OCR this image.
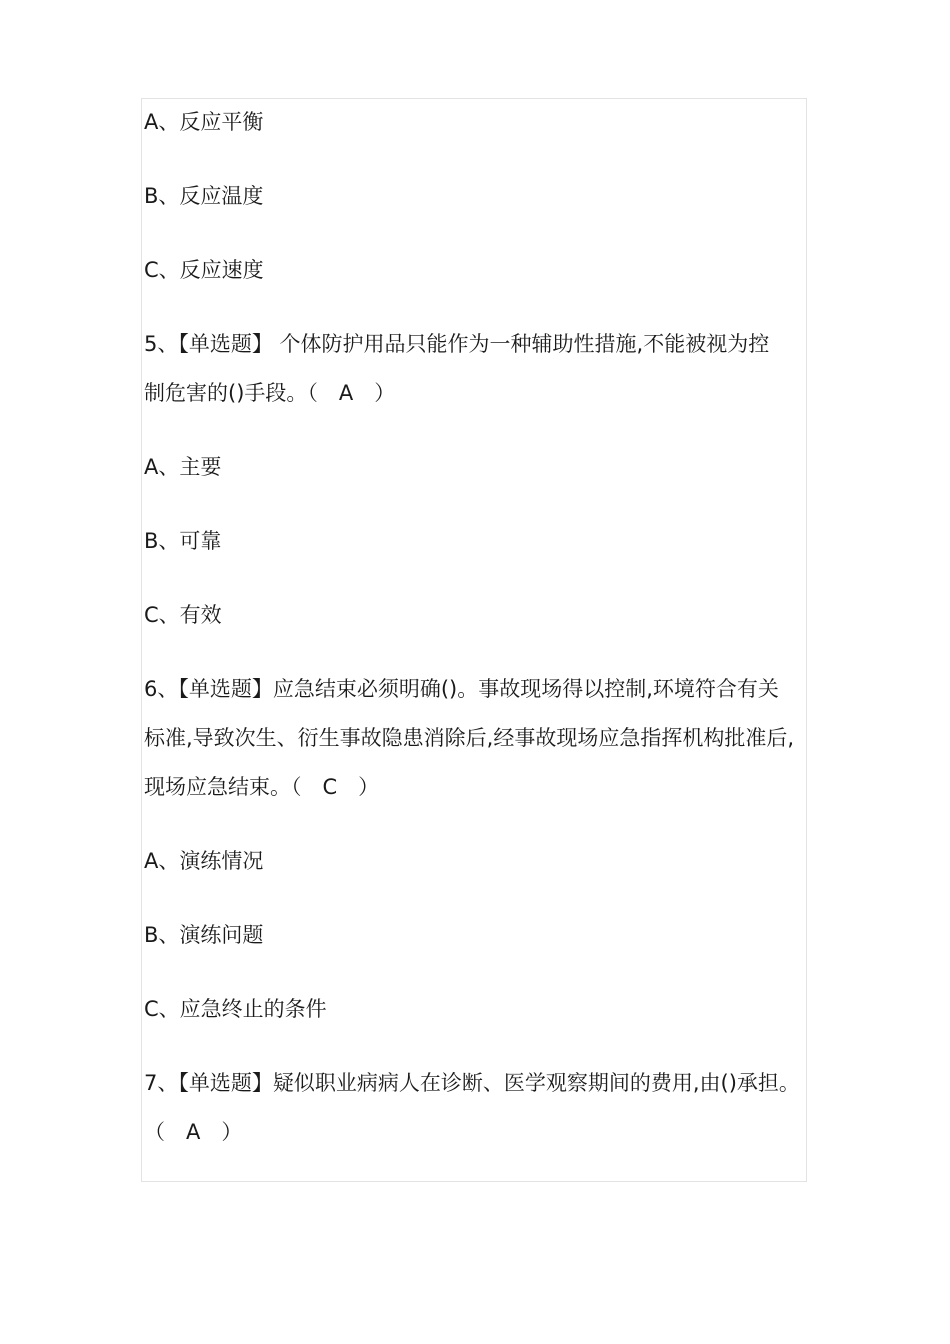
A、反应平衡
B、反应温度
C、反应速度
5、【单选题】 个体防护用品只能作为一种辅助性措施,不能被视为控
制危害的()手段。（　A　）
A、主要
B、可靠
C、有效
6、【单选题】应急结束必须明确()。事故现场得以控制,环境符合有关
标准,导致次生、衍生事故隐患消除后,经事故现场应急指挥机构批准后,
现场应急结束。（　C　）
A、演练情况
B、演练问题
C、应急终止的条件
7、【单选题】疑似职业病病人在诊断、医学观察期间的费用,由()承担。
（　A　）
